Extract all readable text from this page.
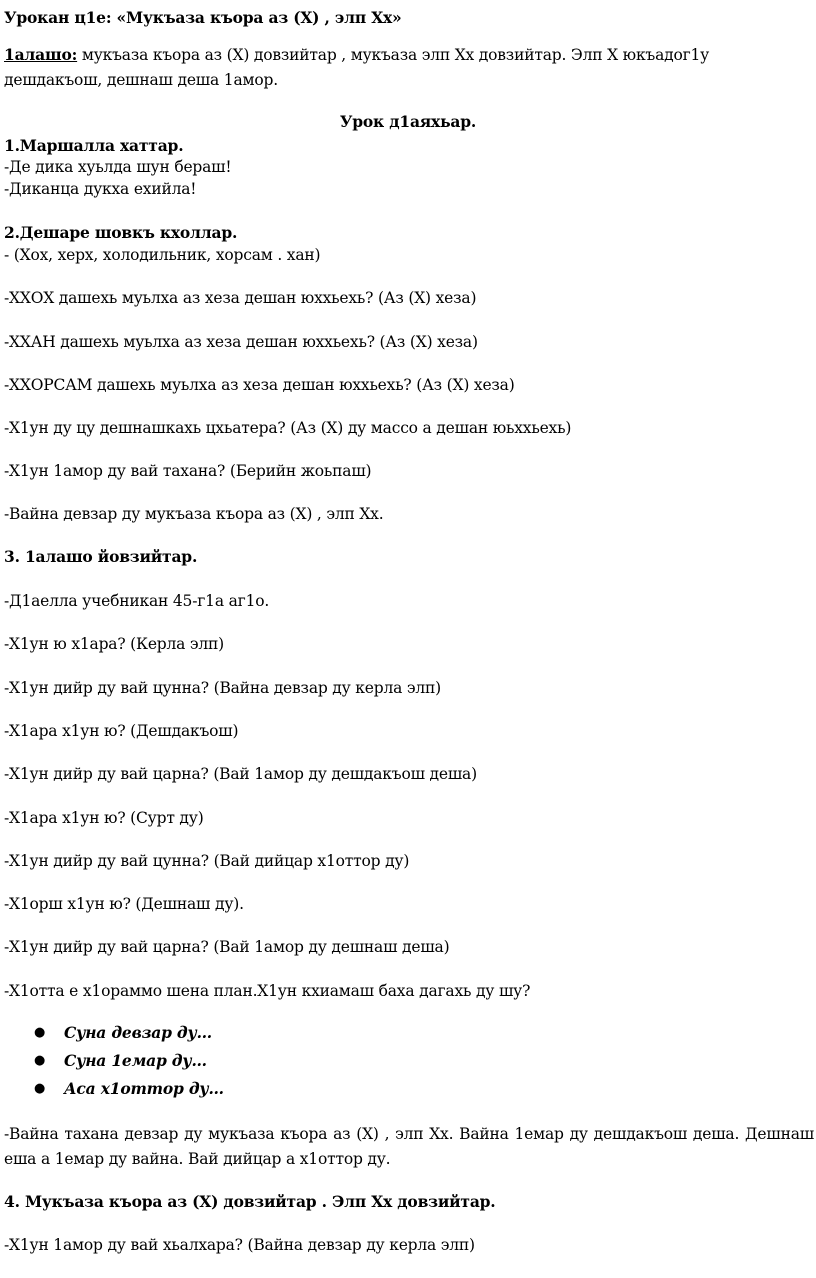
Урокан ц1е: «Мукъаза къора аз (Х) , элп Хх»
1алашо: мукъаза къора аз (Х) довзийтар , мукъаза элп Хх довзийтар. Элп Х юкъадог1у
дешдакъош, дешнаш деша 1амор.
Урок д1аяхьар.
1.Маршалла хаттар.
-Де дика хуьлда шун бераш!
-Диканца дукха ехийла!
2.Дешаре шовкъ кхоллар.
- (Хох, херх, холодильник, хорсам . хан)
-ХХОХ дашехь муьлха аз хеза дешан юххьехь? (Аз (Х) хеза)
-ХХАН дашехь муьлха аз хеза дешан юххьехь? (Аз (Х) хеза)
-ХХОРСАМ дашехь муьлха аз хеза дешан юххьехь? (Аз (Х) хеза)
-Х1ун ду цу дешнашкахь цхьатера? (Аз (Х) ду массо а дешан юьххьехь)
-Х1ун 1амор ду вай тахана? (Берийн жоьпаш)
-Вайна девзар ду мукъаза къора аз (Х) , элп Хх.
3. 1алашо йовзийтар.
-Д1аелла учебникан 45-г1а аг1о.
-Х1ун ю х1ара? (Керла элп)
-Х1ун дийр ду вай цунна? (Вайна девзар ду керла элп)
-Х1ара х1ун ю? (Дешдакъош)
-Х1ун дийр ду вай царна? (Вай 1амор ду дешдакъош деша)
-Х1ара х1ун ю? (Сурт ду)
-Х1ун дийр ду вай цунна? (Вай дийцар х1оттор ду)
-Х1орш х1ун ю? (Дешнаш ду).
-Х1ун дийр ду вай царна? (Вай 1амор ду дешнаш деша)
-Х1отта е х1ораммо шена план.Х1ун кхиамаш баха дагахь ду шу?
● Суна девзар ду…
● Суна 1емар ду…
● Аса х1оттор ду…
-Вайна тахана девзар ду мукъаза къора аз (Х) , элп Хх. Вайна 1емар ду дешдакъош деша. Дешнаш еша а 1емар ду вайна. Вай дийцар а х1оттор ду.
4. Мукъаза къора аз (Х) довзийтар . Элп Хх довзийтар.
-Х1ун 1амор ду вай хьалхара? (Вайна девзар ду керла элп)
